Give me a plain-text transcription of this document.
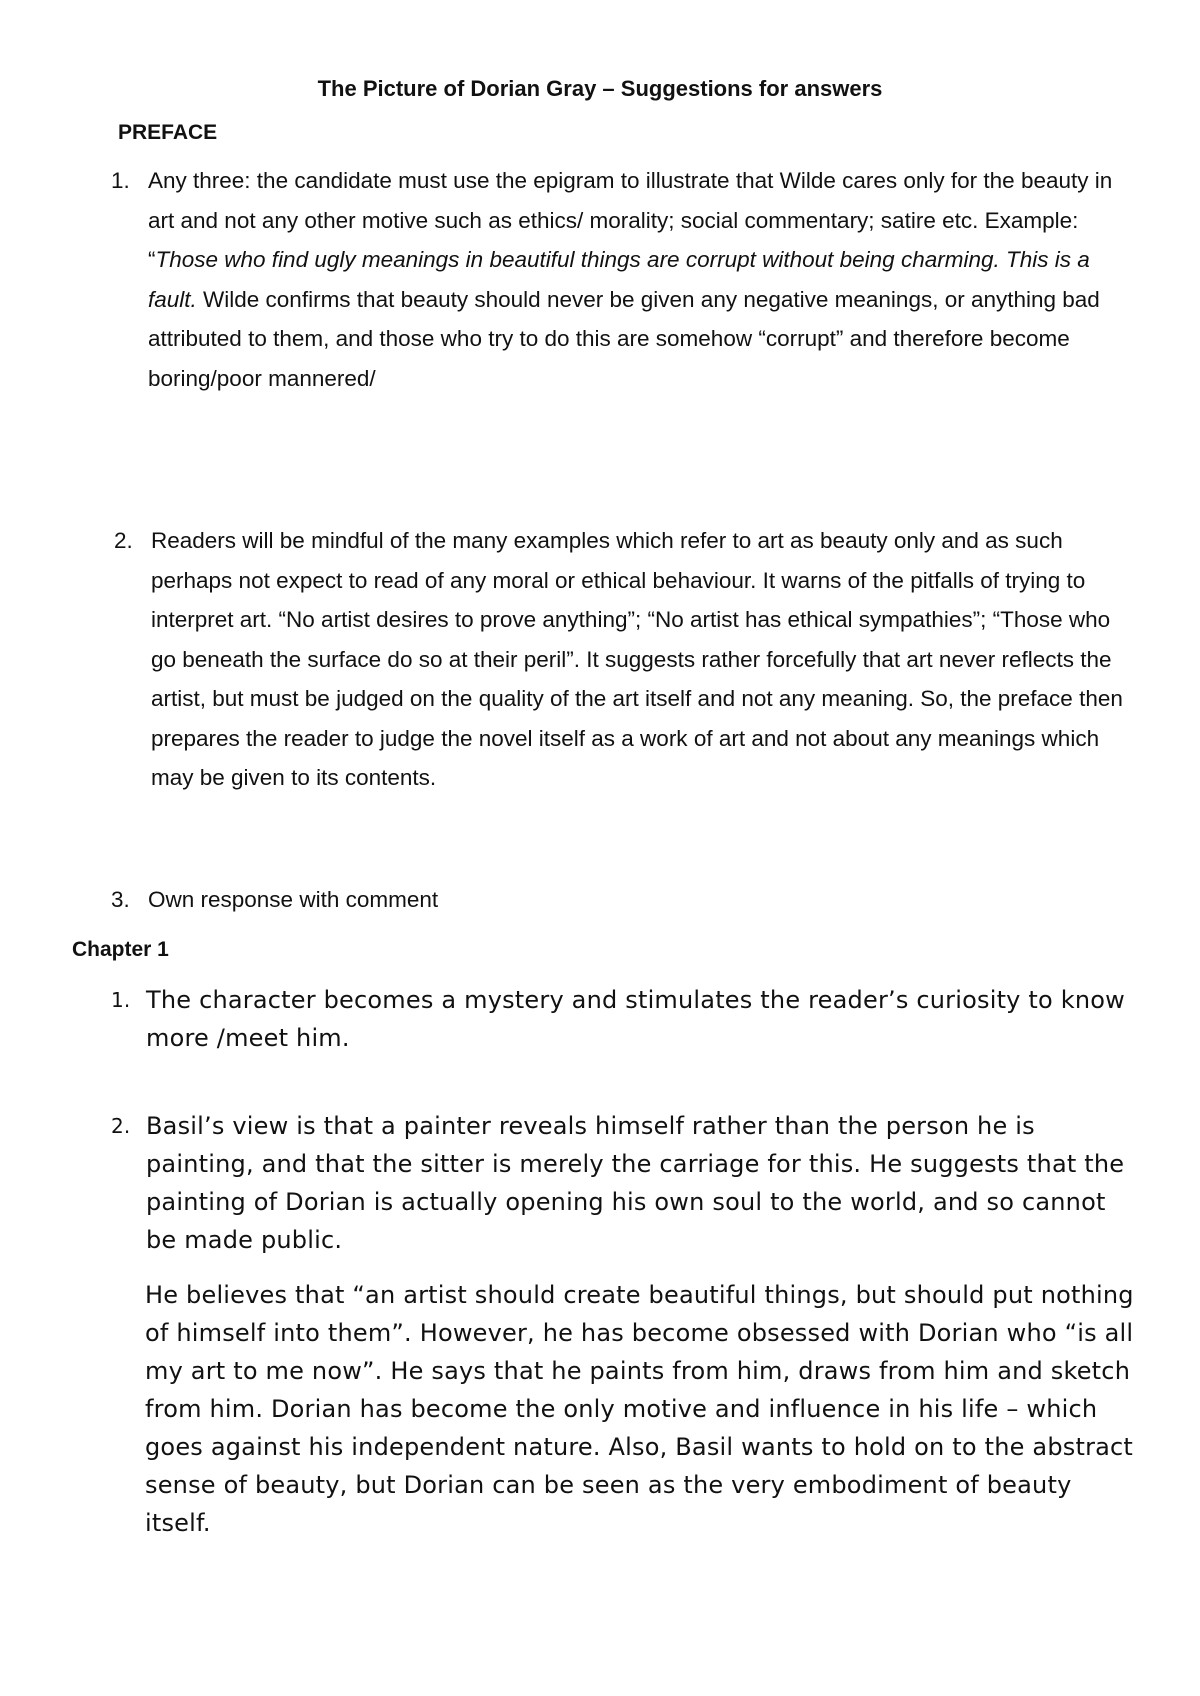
The Picture of Dorian Gray – Suggestions for answers
PREFACE
1. Any three: the candidate must use the epigram to illustrate that Wilde cares only for the beauty in art and not any other motive such as ethics/ morality; social commentary; satire etc. Example: “Those who find ugly meanings in beautiful things are corrupt without being charming. This is a fault. Wilde confirms that beauty should never be given any negative meanings, or anything bad attributed to them, and those who try to do this are somehow “corrupt” and therefore become boring/poor mannered/
2. Readers will be mindful of the many examples which refer to art as beauty only and as such perhaps not expect to read of any moral or ethical behaviour. It warns of the pitfalls of trying to interpret art. “No artist desires to prove anything”; “No artist has ethical sympathies”; “Those who go beneath the surface do so at their peril”. It suggests rather forcefully that art never reflects the artist, but must be judged on the quality of the art itself and not any meaning. So, the preface then prepares the reader to judge the novel itself as a work of art and not about any meanings which may be given to its contents.
3. Own response with comment
Chapter 1
1. The character becomes a mystery and stimulates the reader’s curiosity to know more /meet him.
2. Basil’s view is that a painter reveals himself rather than the person he is painting, and that the sitter is merely the carriage for this. He suggests that the painting of Dorian is actually opening his own soul to the world, and so cannot be made public.
He believes that “an artist should create beautiful things, but should put nothing of himself into them”. However, he has become obsessed with Dorian who “is all my art to me now”. He says that he paints from him, draws from him and sketch from him. Dorian has become the only motive and influence in his life – which goes against his independent nature. Also, Basil wants to hold on to the abstract sense of beauty, but Dorian can be seen as the very embodiment of beauty itself.
